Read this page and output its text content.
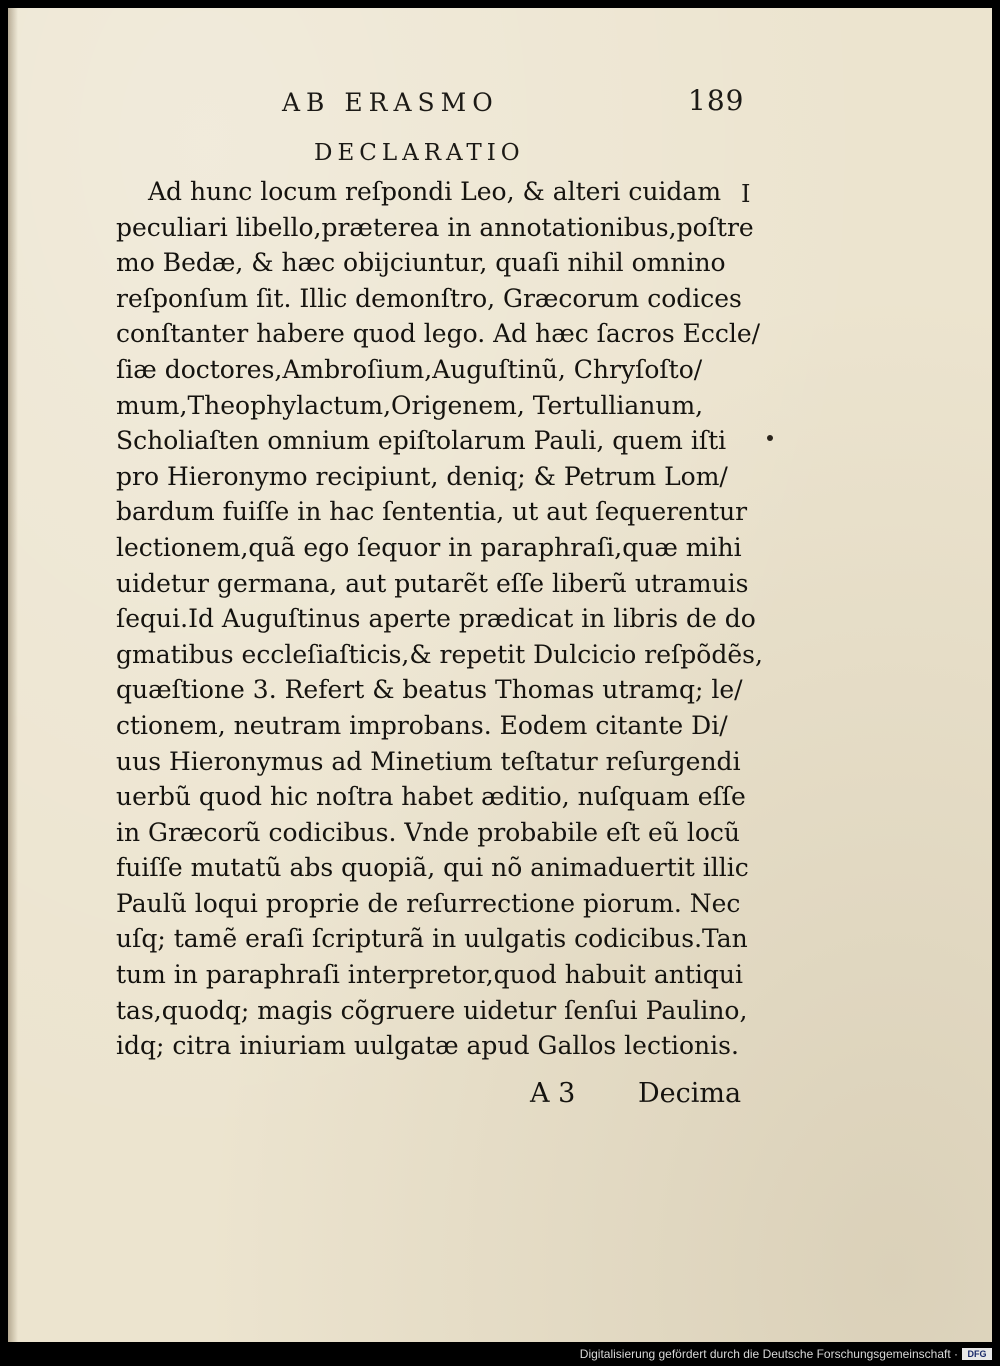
AB ERASMO	189
DECLARATIO
Ad hunc locum reſpondi Leo, & alteri cuidam
peculiari libello,præterea in annotationibus,poſtre
mo Bedæ, & hæc obijciuntur, quaſi nihil omnino
reſponſum ſit. Illic demonſtro, Græcorum codices
conſtanter habere quod lego. Ad hæc ſacros Eccle/
ſiæ doctores,Ambroſium,Auguſtinũ, Chryſoſto/
mum,Theophylactum,Origenem, Tertullianum,
Scholiaſten omnium epiſtolarum Pauli, quem iſti
pro Hieronymo recipiunt, deniq; & Petrum Lom/
bardum fuiſſe in hac ſententia, ut aut ſequerentur
lectionem,quã ego ſequor in paraphraſi,quæ mihi
uidetur germana, aut putarẽt eſſe liberũ utramuis
ſequi.Id Auguſtinus aperte prædicat in libris de do
gmatibus eccleſiaſticis,& repetit Dulcicio reſpõdẽs,
quæſtione 3. Refert & beatus Thomas utramq; le/
ctionem, neutram improbans. Eodem citante Di/
uus Hieronymus ad Minetium teſtatur reſurgendi
uerbũ quod hic noſtra habet æditio, nuſquam eſſe
in Græcorũ codicibus. Vnde probabile eſt eũ locũ
fuiſſe mutatũ abs quopiã, qui nõ animaduertit illic
Paulũ loqui proprie de reſurrectione piorum. Nec
uſq; tamẽ eraſi ſcripturã in uulgatis codicibus.Tan
tum in paraphraſi interpretor,quod habuit antiqui
tas,quodq; magis cõgruere uidetur ſenſui Paulino,
idq; citra iniuriam uulgatæ apud Gallos lectionis.
I
A 3 Decima
Digitalisierung gefördert durch die Deutsche Forschungsgemeinschaft ·	DFG
